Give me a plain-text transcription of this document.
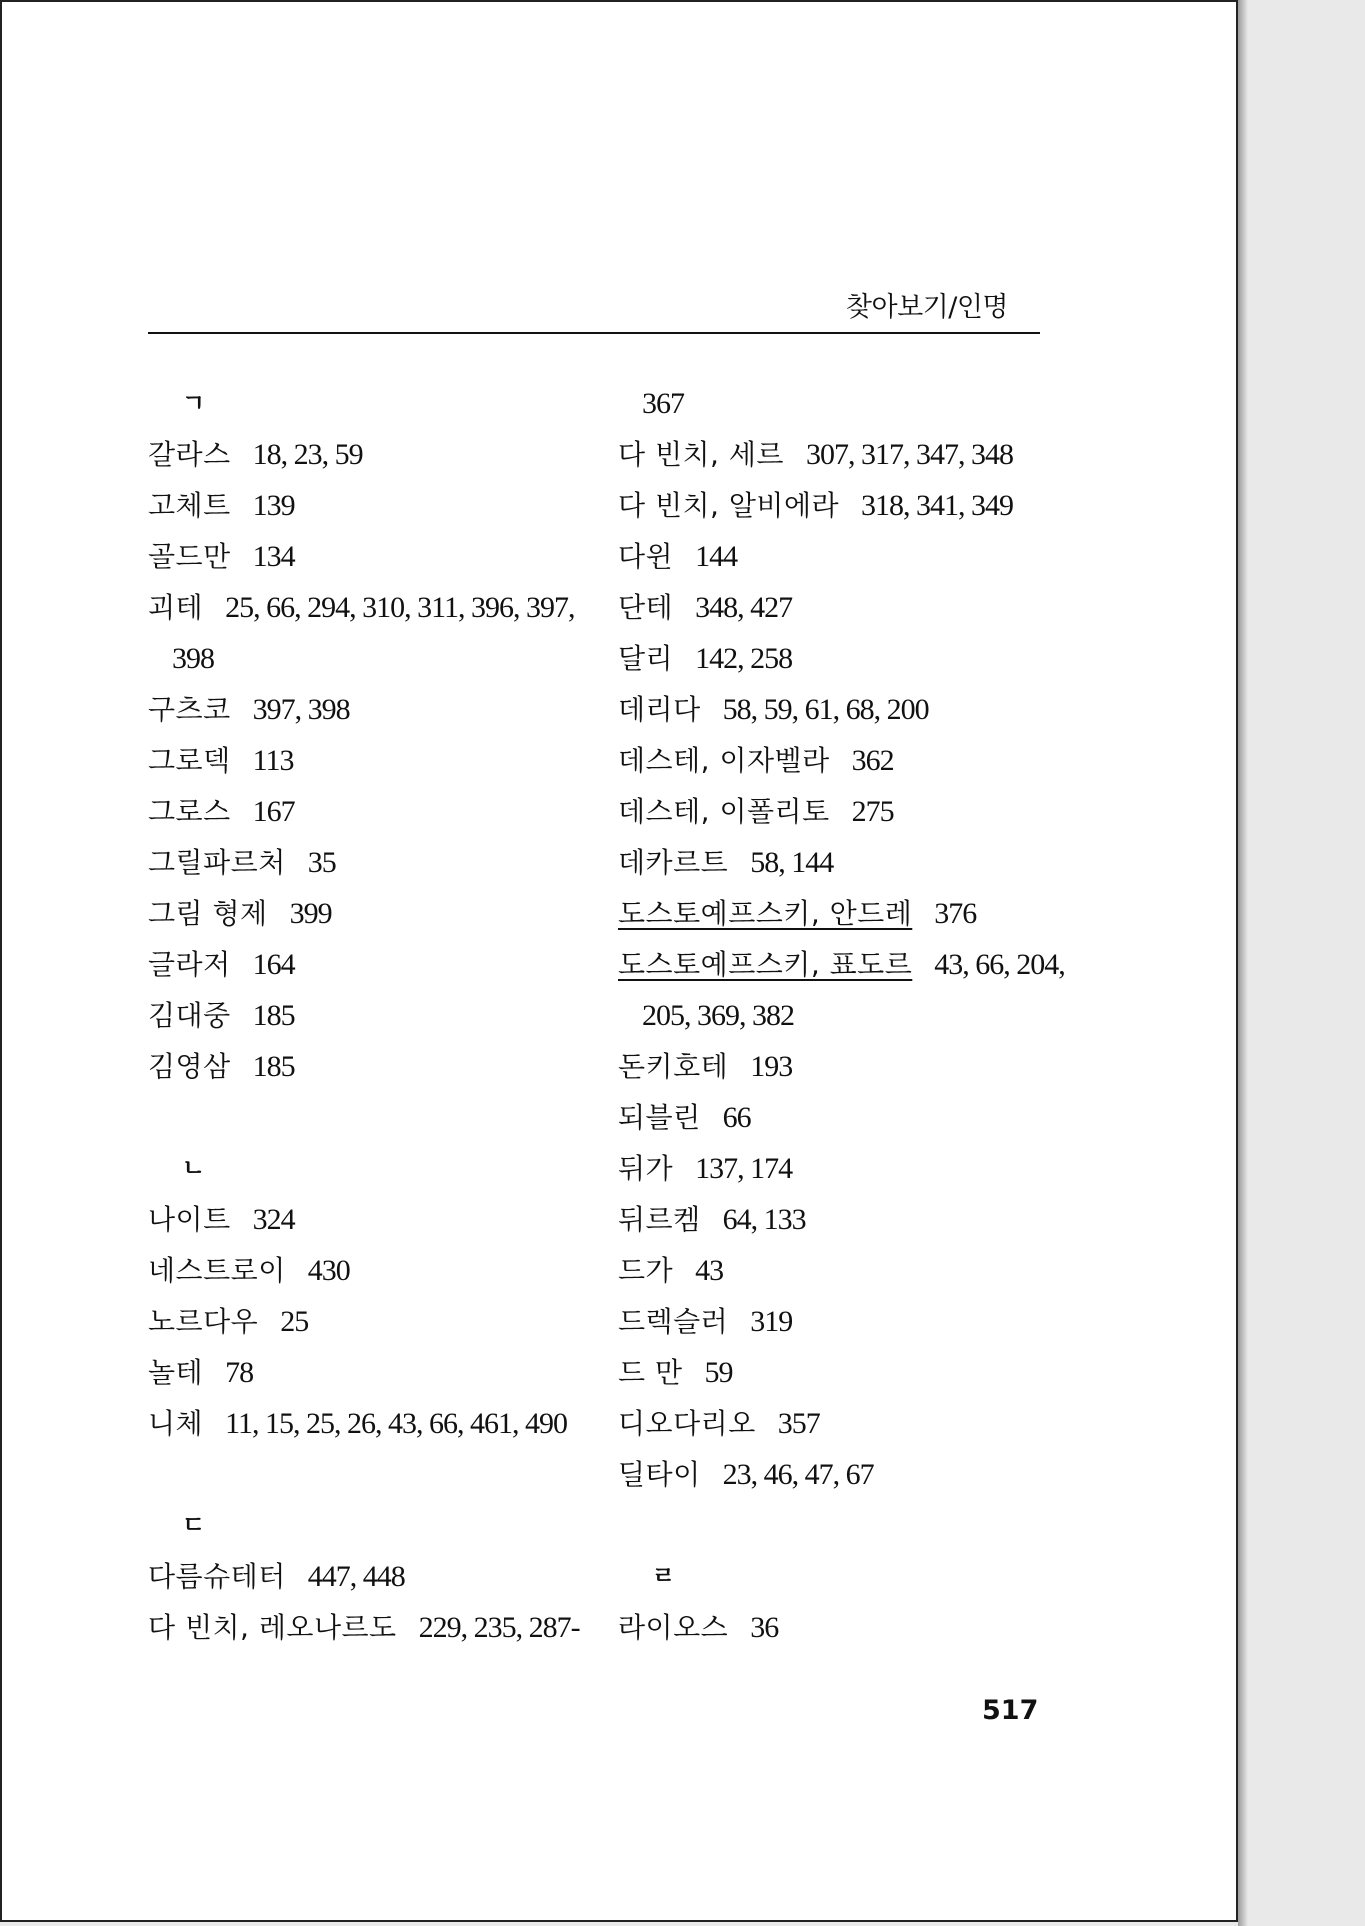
찾아보기/인명
ㄱ
갈라스 18, 23, 59
고체트 139
골드만 134
괴테 25, 66, 294, 310, 311, 396, 397,
398
구츠코 397, 398
그로덱 113
그로스 167
그릴파르처 35
그림 형제 399
글라저 164
김대중 185
김영삼 185
ㄴ
나이트 324
네스트로이 430
노르다우 25
놀테 78
니체 11, 15, 25, 26, 43, 66, 461, 490
ㄷ
다름슈테터 447, 448
다 빈치, 레오나르도 229, 235, 287-
367
다 빈치, 세르 307, 317, 347, 348
다 빈치, 알비에라 318, 341, 349
다윈 144
단테 348, 427
달리 142, 258
데리다 58, 59, 61, 68, 200
데스테, 이자벨라 362
데스테, 이폴리토 275
데카르트 58, 144
도스토예프스키, 안드레 376
도스토예프스키, 표도르 43, 66, 204,
205, 369, 382
돈키호테 193
되블린 66
뒤가 137, 174
뒤르켐 64, 133
드가 43
드렉슬러 319
드 만 59
디오다리오 357
딜타이 23, 46, 47, 67
ㄹ
라이오스 36
517
